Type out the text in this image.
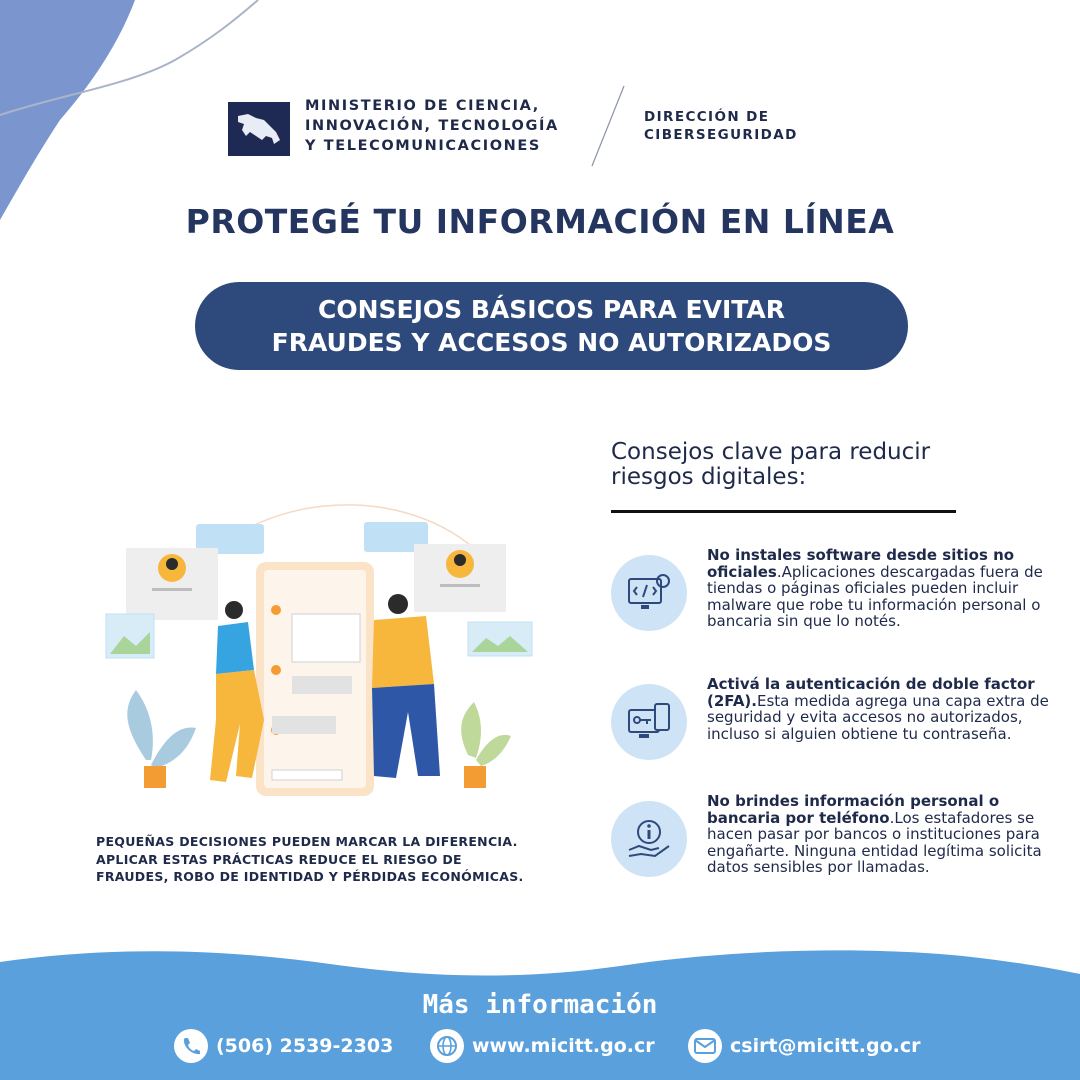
MINISTERIO DE CIENCIA,
INNOVACIÓN, TECNOLOGÍA
Y TELECOMUNICACIONES
DIRECCIÓN DE
CIBERSEGURIDAD
PROTEGÉ TU INFORMACIÓN EN LÍNEA
CONSEJOS BÁSICOS PARA EVITAR
FRAUDES Y ACCESOS NO AUTORIZADOS
PEQUEÑAS DECISIONES PUEDEN MARCAR LA DIFERENCIA.
APLICAR ESTAS PRÁCTICAS REDUCE EL RIESGO DE
FRAUDES, ROBO DE IDENTIDAD Y PÉRDIDAS ECONÓMICAS.
Consejos clave para reducir
riesgos digitales:
No instales software desde sitios no oficiales.Aplicaciones descargadas fuera de tiendas o páginas oficiales pueden incluir malware que robe tu información personal o bancaria sin que lo notés.
Activá la autenticación de doble factor (2FA).Esta medida agrega una capa extra de seguridad y evita accesos no autorizados, incluso si alguien obtiene tu contraseña.
No brindes información personal o bancaria por teléfono.Los estafadores se hacen pasar por bancos o instituciones para engañarte. Ninguna entidad legítima solicita datos sensibles por llamadas.
Más información
(506) 2539-2303	www.micitt.go.cr	csirt@micitt.go.cr
